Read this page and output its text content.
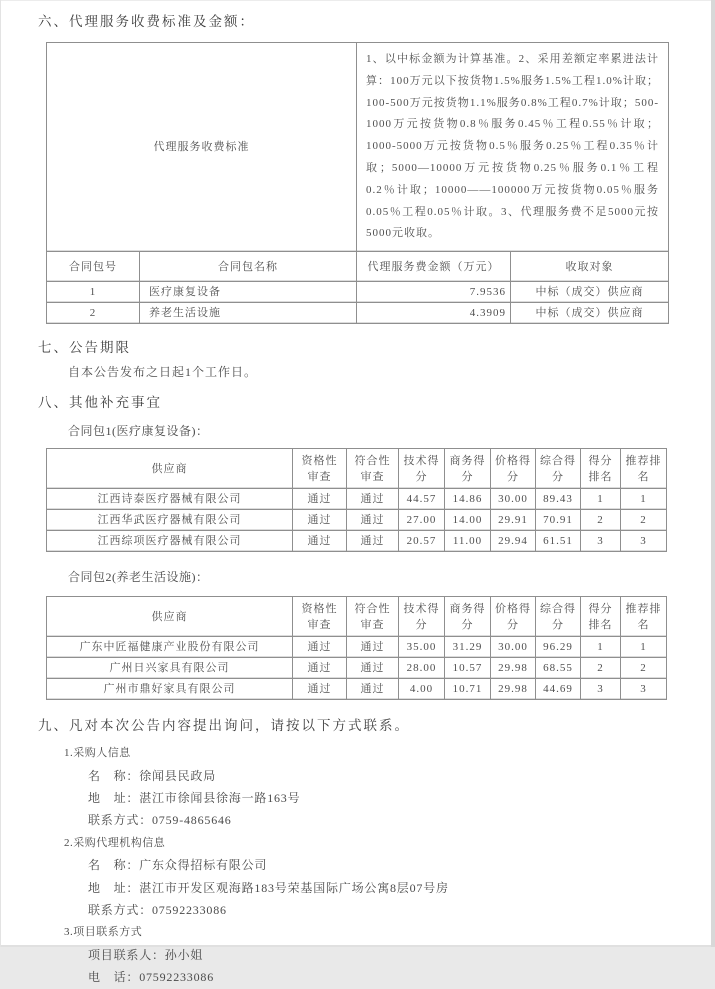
六、代理服务收费标准及金额：
代理服务收费标准		1、以中标金额为计算基准。2、采用差额定率累进法计算：100万元以下按货物1.5%服务1.5%工程1.0%计取；100-500万元按货物1.1%服务0.8%工程0.7%计取；500-1000万元按货物0.8％服务0.45％工程0.55％计取；1000-5000万元按货物0.5％服务0.25％工程0.35％计取；5000—10000万元按货物0.25％服务0.1％工程0.2％计取；10000——100000万元按货物0.05％服务0.05％工程0.05％计取。3、代理服务费不足5000元按5000元收取。	
合同包号	合同包名称	代理服务费金额（万元）	收取对象
1	医疗康复设备	7.9536	中标（成交）供应商
2	养老生活设施	4.3909	中标（成交）供应商
七、公告期限
自本公告发布之日起1个工作日。
八、其他补充事宜
合同包1(医疗康复设备)：
供应商	资格性审查	符合性审查	技术得分	商务得分	价格得分	综合得分	得分排名	推荐排名
江西诗泰医疗器械有限公司	通过	通过	44.57	14.86	30.00	89.43	1	1
江西华武医疗器械有限公司	通过	通过	27.00	14.00	29.91	70.91	2	2
江西综项医疗器械有限公司	通过	通过	20.57	11.00	29.94	61.51	3	3
合同包2(养老生活设施)：
供应商	资格性审查	符合性审查	技术得分	商务得分	价格得分	综合得分	得分排名	推荐排名
广东中匠福健康产业股份有限公司	通过	通过	35.00	31.29	30.00	96.29	1	1
广州日兴家具有限公司	通过	通过	28.00	10.57	29.98	68.55	2	2
广州市鼎好家具有限公司	通过	通过	4.00	10.71	29.98	44.69	3	3
九、凡对本次公告内容提出询问，请按以下方式联系。
1.采购人信息
名　称：徐闻县民政局
地　址：湛江市徐闻县徐海一路163号
联系方式：0759-4865646
2.采购代理机构信息
名　称：广东众得招标有限公司
地　址：湛江市开发区观海路183号荣基国际广场公寓8层07号房
联系方式：07592233086
3.项目联系方式
项目联系人：孙小姐
电　话：07592233086
